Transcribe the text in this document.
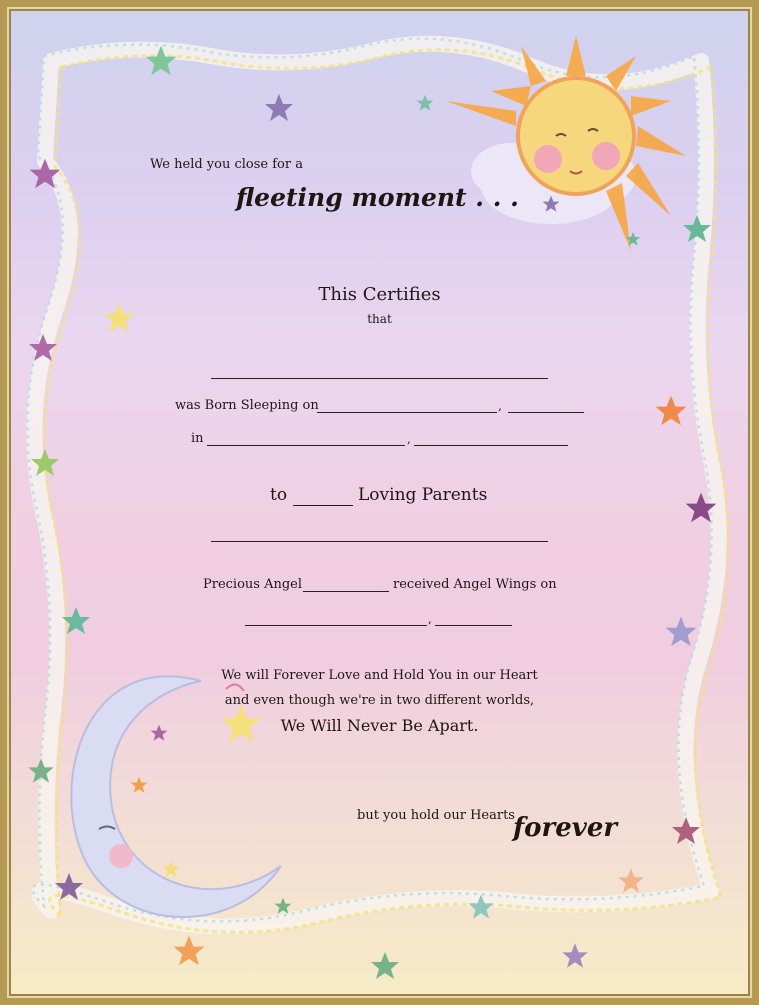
We held you close for a
fleeting moment . . .
This Certifies
that
was Born Sleeping on	,
in	,
to	Loving Parents
Precious Angel	received Angel Wings on
,
We will Forever Love and Hold You in our Heart
and even though we're in two different worlds,
We Will Never Be Apart.
but you hold our Hearts
forever
